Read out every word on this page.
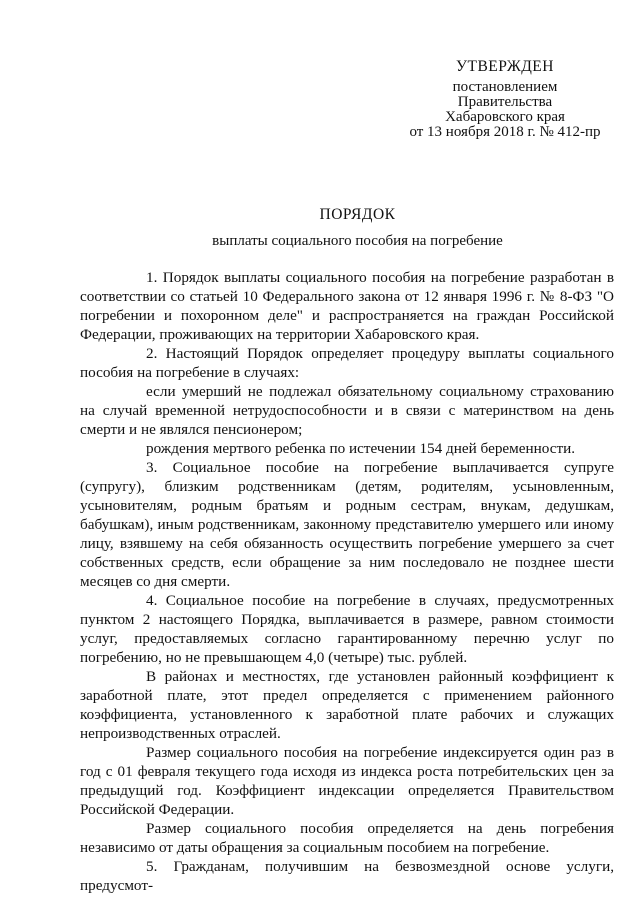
УТВЕРЖДЕН
постановлением
Правительства
Хабаровского края
от 13 ноября 2018 г. № 412-пр
ПОРЯДОК
выплаты социального пособия на погребение

1. Порядок выплаты социального пособия на погребение разработан в соответствии со статьей 10 Федерального закона от 12 января 1996 г. № 8-ФЗ "О погребении и похоронном деле" и распространяется на граждан Российской Федерации, проживающих на территории Хабаровского края.

2. Настоящий Порядок определяет процедуру выплаты социального пособия на погребение в случаях:

если умерший не подлежал обязательному социальному страхованию на случай временной нетрудоспособности и в связи с материнством на день смерти и не являлся пенсионером;

рождения мертвого ребенка по истечении 154 дней беременности.

3. Социальное пособие на погребение выплачивается супруге (супругу), близким родственникам (детям, родителям, усыновленным, усыновителям, родным братьям и родным сестрам, внукам, дедушкам, бабушкам), иным родственникам, законному представителю умершего или иному лицу, взявшему на себя обязанность осуществить погребение умершего за счет собственных средств, если обращение за ним последовало не позднее шести месяцев со дня смерти.

4. Социальное пособие на погребение в случаях, предусмотренных пунктом 2 настоящего Порядка, выплачивается в размере, равном стоимости услуг, предоставляемых согласно гарантированному перечню услуг по погребению, но не превышающем 4,0 (четыре) тыс. рублей.

В районах и местностях, где установлен районный коэффициент к заработной плате, этот предел определяется с применением районного коэффициента, установленного к заработной плате рабочих и служащих непроизводственных отраслей.

Размер социального пособия на погребение индексируется один раз в год с 01 февраля текущего года исходя из индекса роста потребительских цен за предыдущий год. Коэффициент индексации определяется Правительством Российской Федерации.

Размер социального пособия определяется на день погребения независимо от даты обращения за социальным пособием на погребение.

5. Гражданам, получившим на безвозмездной основе услуги, предусмот-
